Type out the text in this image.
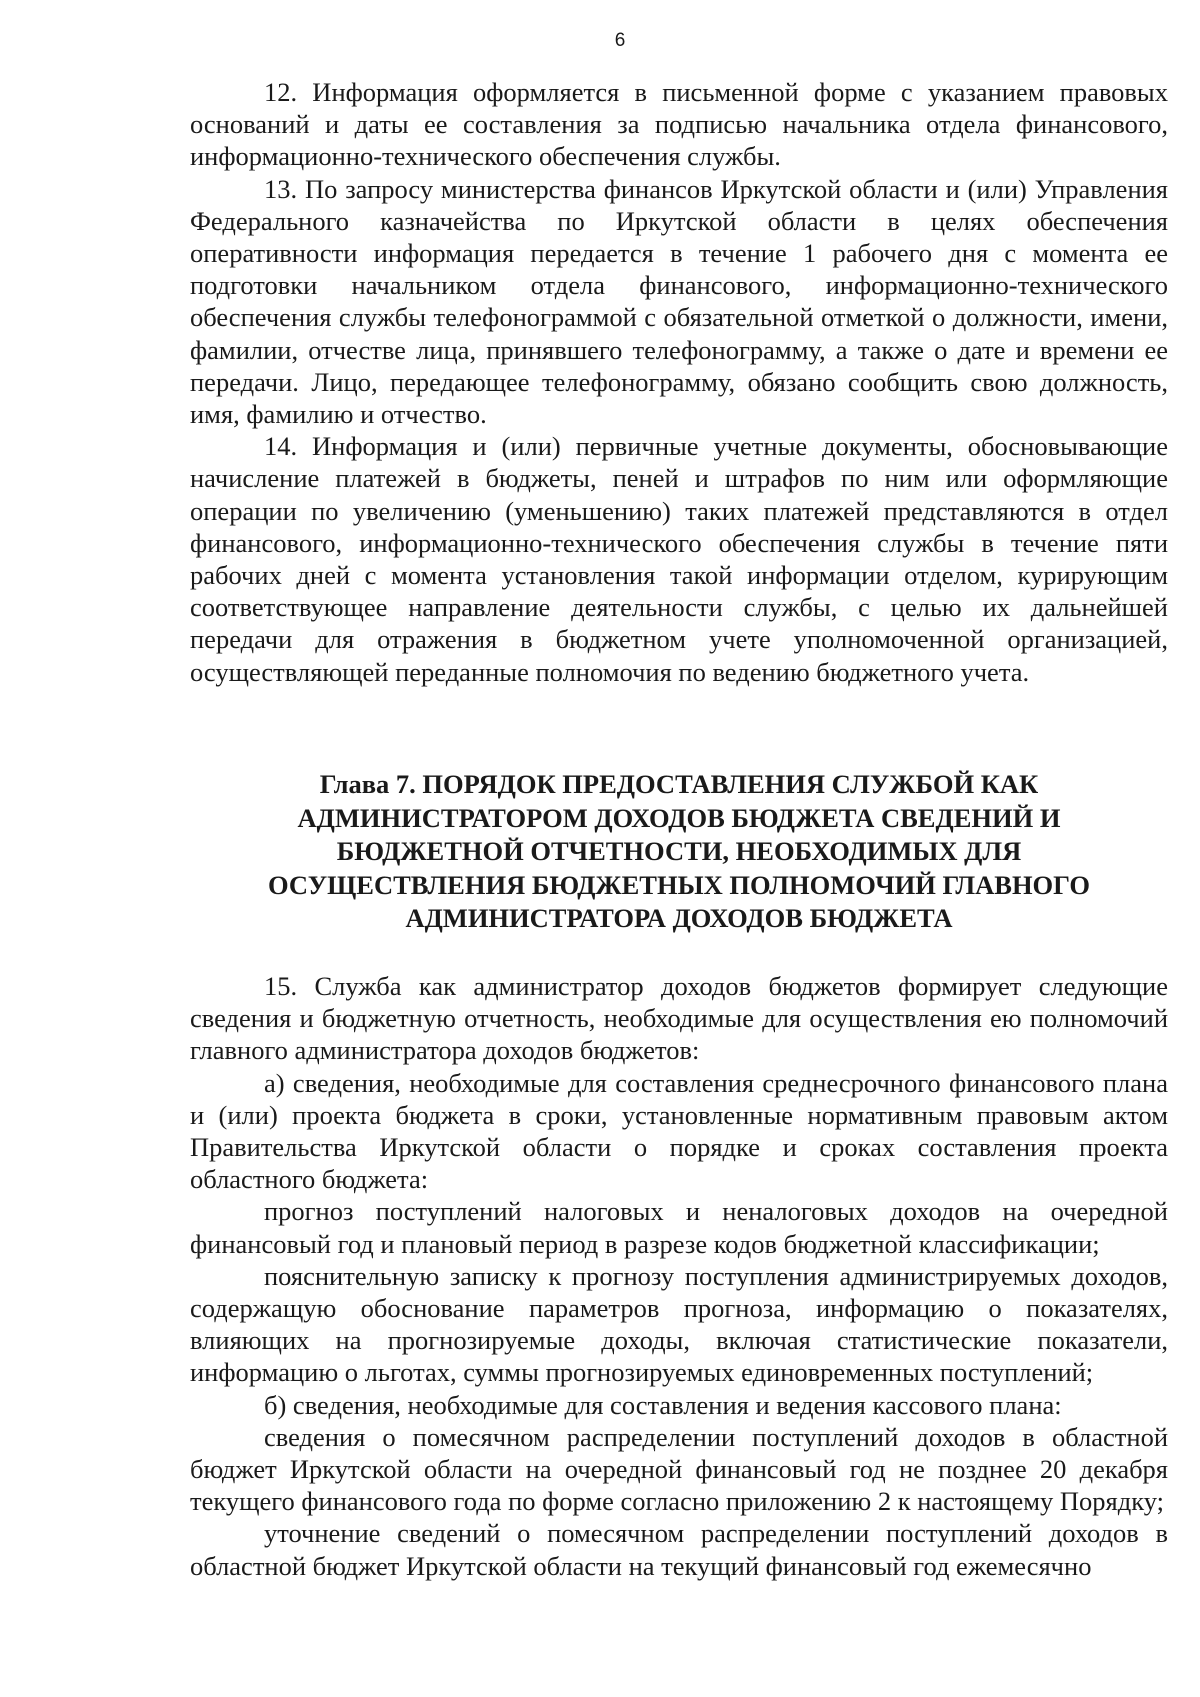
6

12. Информация оформляется в письменной форме с указанием правовых оснований и даты ее составления за подписью начальника отдела финансового, информационно-технического обеспечения службы.

13. По запросу министерства финансов Иркутской области и (или) Управления Федерального казначейства по Иркутской области в целях обеспечения оперативности информация передается в течение 1 рабочего дня с момента ее подготовки начальником отдела финансового, информационно-технического обеспечения службы телефонограммой с обязательной отметкой о должности, имени, фамилии, отчестве лица, принявшего телефонограмму, а также о дате и времени ее передачи. Лицо, передающее телефонограмму, обязано сообщить свою должность, имя, фамилию и отчество.

14. Информация и (или) первичные учетные документы, обосновывающие начисление платежей в бюджеты, пеней и штрафов по ним или оформляющие операции по увеличению (уменьшению) таких платежей представляются в отдел финансового, информационно-технического обеспечения службы в течение пяти рабочих дней с момента установления такой информации отделом, курирующим соответствующее направление деятельности службы, с целью их дальнейшей передачи для отражения в бюджетном учете уполномоченной организацией, осуществляющей переданные полномочия по ведению бюджетного учета.

Глава 7. ПОРЯДОК ПРЕДОСТАВЛЕНИЯ СЛУЖБОЙ КАК
АДМИНИСТРАТОРОМ ДОХОДОВ БЮДЖЕТА СВЕДЕНИЙ И
БЮДЖЕТНОЙ ОТЧЕТНОСТИ, НЕОБХОДИМЫХ ДЛЯ
ОСУЩЕСТВЛЕНИЯ БЮДЖЕТНЫХ ПОЛНОМОЧИЙ ГЛАВНОГО
АДМИНИСТРАТОРА ДОХОДОВ БЮДЖЕТА

15. Служба как администратор доходов бюджетов формирует следующие сведения и бюджетную отчетность, необходимые для осуществления ею полномочий главного администратора доходов бюджетов:

а) сведения, необходимые для составления среднесрочного финансового плана и (или) проекта бюджета в сроки, установленные нормативным правовым актом Правительства Иркутской области о порядке и сроках составления проекта областного бюджета:

прогноз поступлений налоговых и неналоговых доходов на очередной финансовый год и плановый период в разрезе кодов бюджетной классификации;

пояснительную записку к прогнозу поступления администрируемых доходов, содержащую обоснование параметров прогноза, информацию о показателях, влияющих на прогнозируемые доходы, включая статистические показатели, информацию о льготах, суммы прогнозируемых единовременных поступлений;

б) сведения, необходимые для составления и ведения кассового плана:

сведения о помесячном распределении поступлений доходов в областной бюджет Иркутской области на очередной финансовый год не позднее 20 декабря текущего финансового года по форме согласно приложению 2 к настоящему Порядку;

уточнение сведений о помесячном распределении поступлений доходов в областной бюджет Иркутской области на текущий финансовый год ежемесячно
